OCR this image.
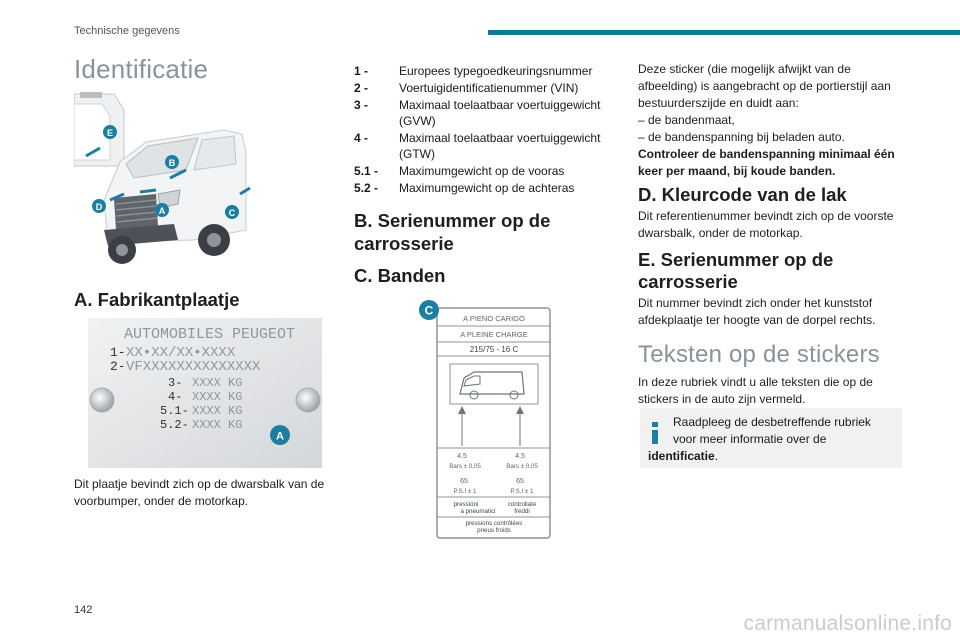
Technische gegevens
Identificatie
E
B
A	C
D
A. Fabrikantplaatje
AUTOMOBILES PEUGEOT
1- XX•XX/XX•XXXX
2- VFXXXXXXXXXXXXXX
3- XXXX KG
4- XXXX KG
5.1- XXXX KG
5.2- XXXX KG
A
Dit plaatje bevindt zich op de dwarsbalk van de voorbumper, onder de motorkap.
1 -	Europees typegoedkeuringsnummer
2 -	Voertuigidentificatienummer (VIN)
3 -	Maximaal toelaatbaar voertuiggewicht (GVW)
4 -	Maximaal toelaatbaar voertuiggewicht (GTW)
5.1 -	Maximumgewicht op de vooras
5.2 -	Maximumgewicht op de achteras
B. Serienummer op de
carrosserie
C. Banden
A PIENO CARIGO
A PLEINE CHARGE
215/75 - 16 C
4.5	4.5
Bars ± 0,05	Bars ± 0,05
65	65
P.S.I ± 1	P.S.I ± 1
pressioni	controllate
a pneumatici	freddi
pressions contrôlées
pneus froids
C
Deze sticker (die mogelijk afwijkt van de afbeelding) is aangebracht op de portierstijl aan bestuurderszijde en duidt aan:
– de bandenmaat,
– de bandenspanning bij beladen auto.
Controleer de bandenspanning minimaal één keer per maand, bij koude banden.
D. Kleurcode van de lak
Dit referentienummer bevindt zich op de voorste dwarsbalk, onder de motorkap.
E. Serienummer op de
carrosserie
Dit nummer bevindt zich onder het kunststof afdekplaatje ter hoogte van de dorpel rechts.
Teksten op de stickers
In deze rubriek vindt u alle teksten die op de stickers in de auto zijn vermeld.
Raadpleeg de desbetreffende rubriek voor meer informatie over de
identificatie.
142
carmanualsonline.info
